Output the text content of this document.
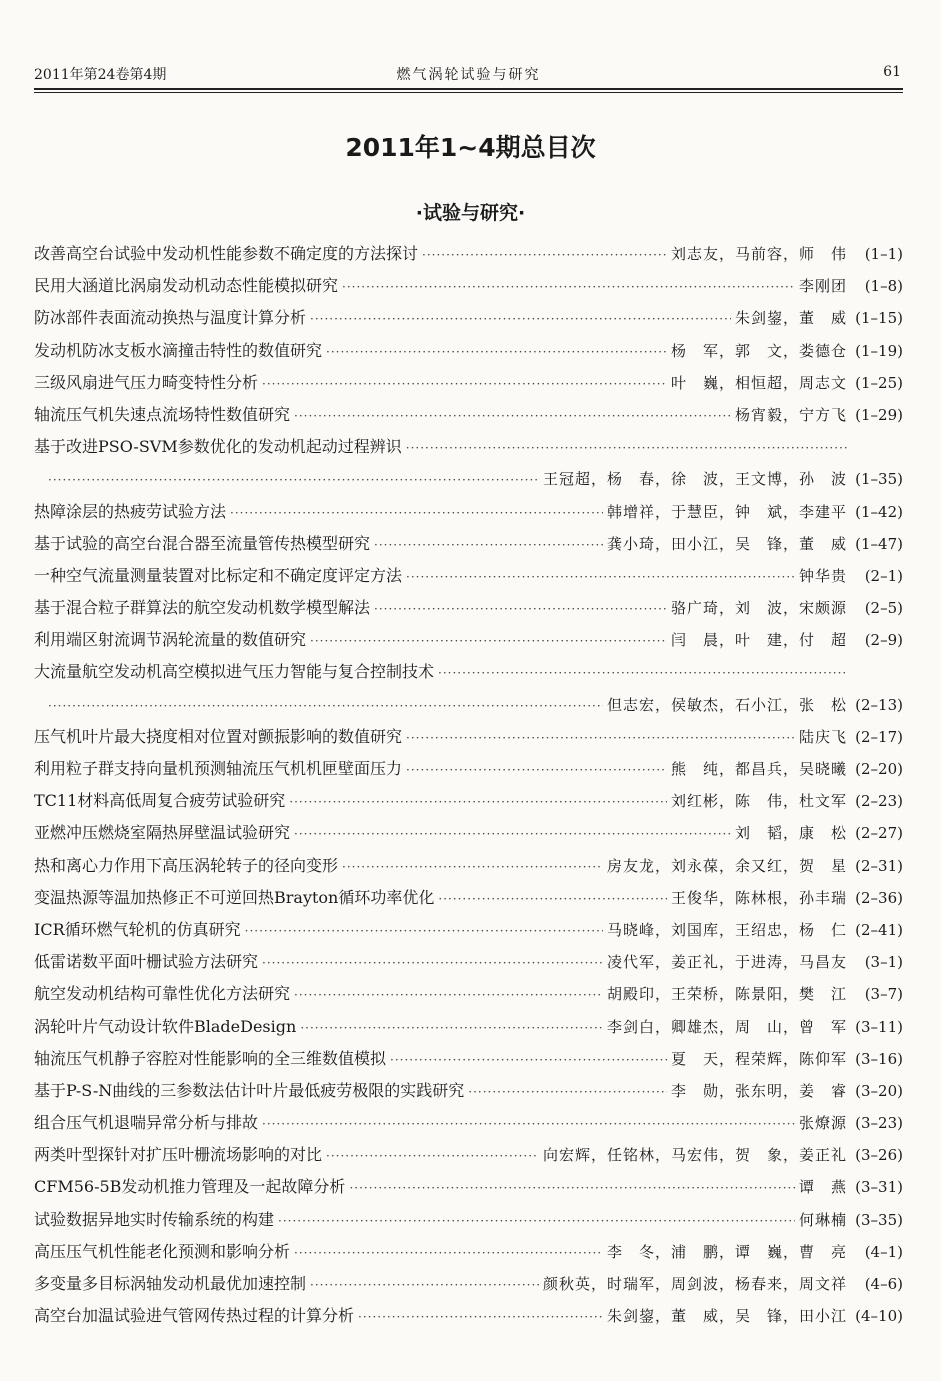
2011年第24卷第4期	燃气涡轮试验与研究	61
2011年1~4期总目次
·试验与研究·
改善高空台试验中发动机性能参数不确定度的方法探讨 ·····	刘志友，马前容，师　伟	(1–1)
民用大涵道比涡扇发动机动态性能模拟研究 ·····	李刚团	(1–8)
防冰部件表面流动换热与温度计算分析 ·····	朱剑鋆，董　威 (1–15)
发动机防冰支板水滴撞击特性的数值研究 ·····	杨　军，郭　文，娄德仓 (1–19)
三级风扇进气压力畸变特性分析 ·····	叶　巍，相恒超，周志文 (1–25)
轴流压气机失速点流场特性数值研究 ·····	杨宵毅，宁方飞 (1–29)
基于改进PSO-SVM参数优化的发动机起动过程辨识
·····
·····
王冠超，杨　春，徐　波，王文博，孙　波 (1–35)
热障涂层的热疲劳试验方法 ·····	韩增祥，于慧臣，钟　斌，李建平 (1–42)
基于试验的高空台混合器至流量管传热模型研究 ·····	龚小琦，田小江，吴　锋，董　威 (1–47)
一种空气流量测量装置对比标定和不确定度评定方法 ·····	钟华贵	(2–1)
基于混合粒子群算法的航空发动机数学模型解法 ·····	骆广琦，刘　波，宋颇源	(2–5)
利用端区射流调节涡轮流量的数值研究 ·····	闫　晨，叶　建，付　超	(2–9)
大流量航空发动机高空模拟进气压力智能与复合控制技术
·····
·····
但志宏，侯敏杰，石小江，张　松 (2–13)
压气机叶片最大挠度相对位置对颤振影响的数值研究 ·····	陆庆飞 (2–17)
利用粒子群支持向量机预测轴流压气机机匣壁面压力 ·····	熊　纯，都昌兵，吴晓曦 (2–20)
TC11材料高低周复合疲劳试验研究 ·····	刘红彬，陈　伟，杜文军 (2–23)
亚燃冲压燃烧室隔热屏壁温试验研究 ·····	刘　韬，康　松 (2–27)
热和离心力作用下高压涡轮转子的径向变形 ·····	房友龙，刘永葆，余又红，贺　星 (2–31)
变温热源等温加热修正不可逆回热Brayton循环功率优化 ·····	王俊华，陈林根，孙丰瑞 (2–36)
ICR循环燃气轮机的仿真研究 ·····	马晓峰，刘国库，王绍忠，杨　仁 (2–41)
低雷诺数平面叶栅试验方法研究 ·····	凌代军，姜正礼，于进涛，马昌友	(3–1)
航空发动机结构可靠性优化方法研究 ·····	胡殿印，王荣桥，陈景阳，樊　江	(3–7)
涡轮叶片气动设计软件BladeDesign ·····	李剑白，卿雄杰，周　山，曾　军 (3–11)
轴流压气机静子容腔对性能影响的全三维数值模拟 ·····	夏　天，程荣辉，陈仰军 (3–16)
基于P-S-N曲线的三参数法估计叶片最低疲劳极限的实践研究 ·····	李　勋，张东明，姜　睿 (3–20)
组合压气机退喘异常分析与排故 ·····	张燎源 (3–23)
两类叶型探针对扩压叶栅流场影响的对比 ·····	向宏辉，任铭林，马宏伟，贺　象，姜正礼 (3–26)
CFM56-5B发动机推力管理及一起故障分析 ·····	谭　燕 (3–31)
试验数据异地实时传输系统的构建 ·····	何琳楠 (3–35)
高压压气机性能老化预测和影响分析 ·····	李　冬，浦　鹏，谭　巍，曹　亮	(4–1)
多变量多目标涡轴发动机最优加速控制 ·····	颜秋英，时瑞军，周剑波，杨春来，周文祥	(4–6)
高空台加温试验进气管网传热过程的计算分析 ·····	朱剑鋆，董　威，吴　锋，田小江 (4–10)
